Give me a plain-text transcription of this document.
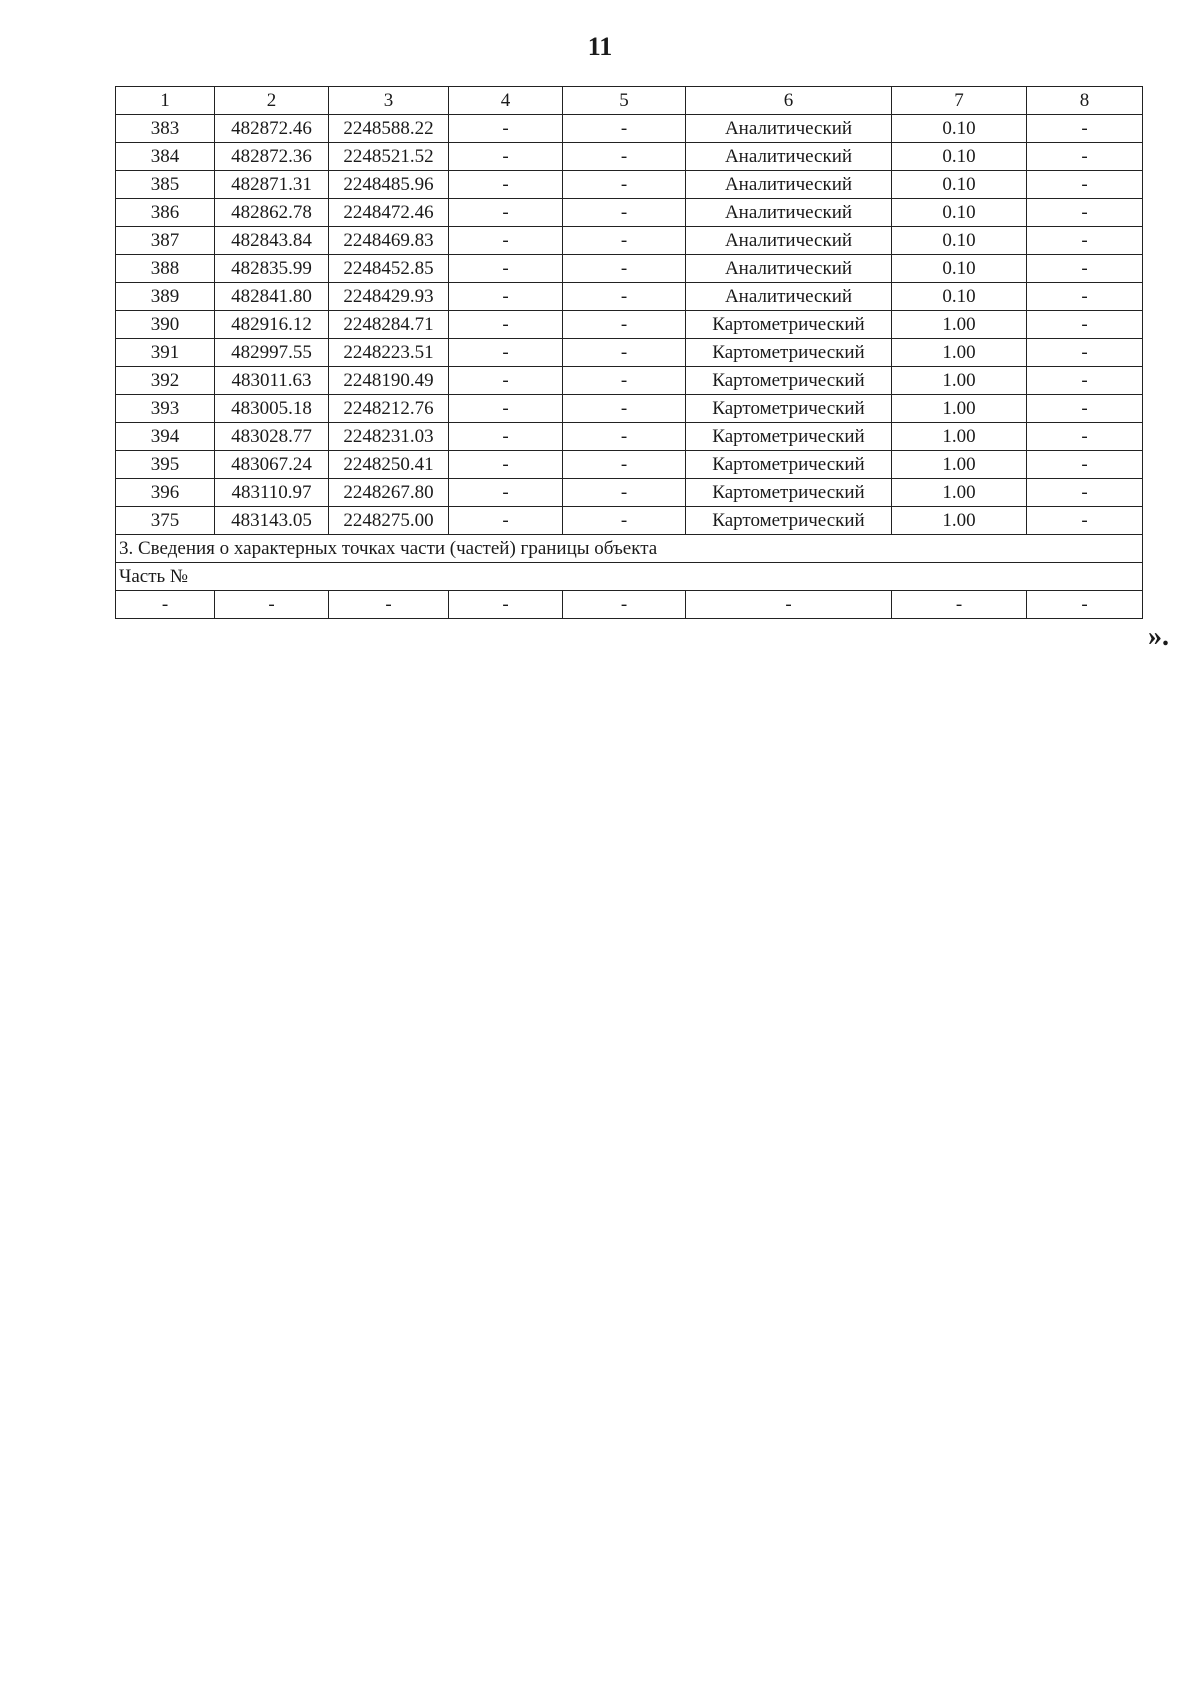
11
1	2	3	4	5	6	7	8
383	482872.46	2248588.22	-	-	Аналитический	0.10	-
384	482872.36	2248521.52	-	-	Аналитический	0.10	-
385	482871.31	2248485.96	-	-	Аналитический	0.10	-
386	482862.78	2248472.46	-	-	Аналитический	0.10	-
387	482843.84	2248469.83	-	-	Аналитический	0.10	-
388	482835.99	2248452.85	-	-	Аналитический	0.10	-
389	482841.80	2248429.93	-	-	Аналитический	0.10	-
390	482916.12	2248284.71	-	-	Картометрический	1.00	-
391	482997.55	2248223.51	-	-	Картометрический	1.00	-
392	483011.63	2248190.49	-	-	Картометрический	1.00	-
393	483005.18	2248212.76	-	-	Картометрический	1.00	-
394	483028.77	2248231.03	-	-	Картометрический	1.00	-
395	483067.24	2248250.41	-	-	Картометрический	1.00	-
396	483110.97	2248267.80	-	-	Картометрический	1.00	-
375	483143.05	2248275.00	-	-	Картометрический	1.00	-
3. Сведения о характерных точках части (частей) границы объекта							
Часть №							
-	-	-	-	-	-	-	-
».
